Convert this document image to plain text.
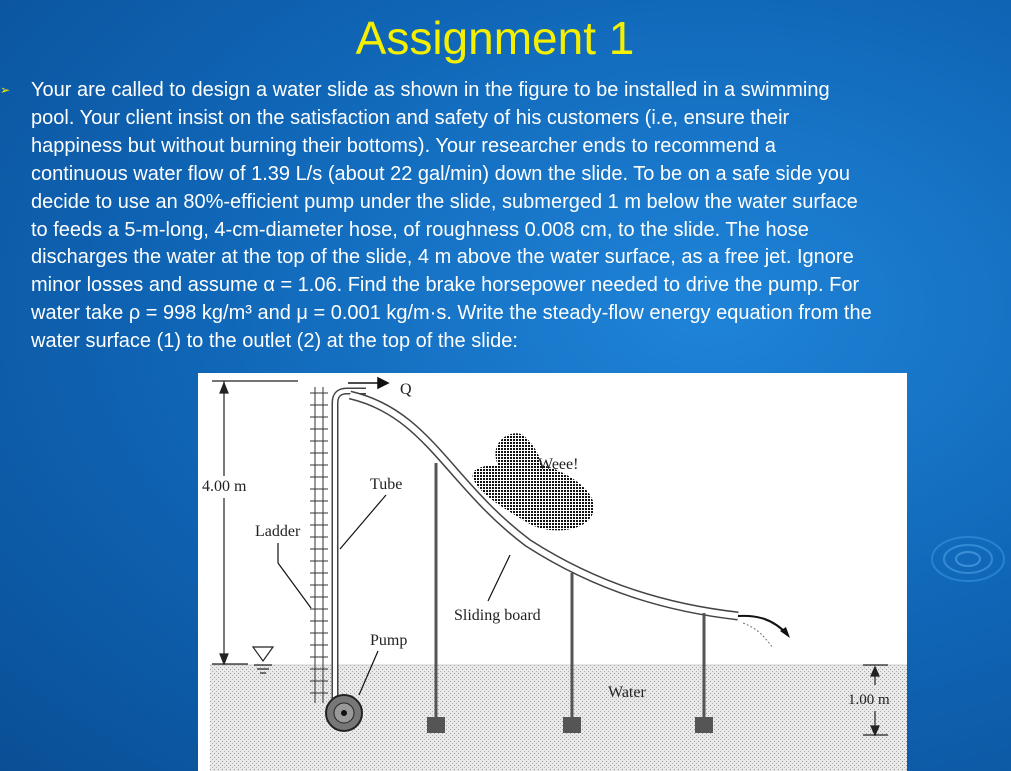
Assignment 1
➢ Your are called to design a water slide as shown in the figure to be installed in a swimming
pool. Your client insist on the satisfaction and safety of his customers (i.e, ensure their
happiness but without burning their bottoms). Your researcher ends to recommend a
continuous water flow of 1.39 L/s (about 22 gal/min) down the slide. To be on a safe side you
decide to use an 80%-efficient pump under the slide, submerged 1 m below the water surface
to feeds a 5-m-long, 4-cm-diameter hose, of roughness 0.008 cm, to the slide. The hose
discharges the water at the top of the slide, 4 m above the water surface, as a free jet. Ignore
minor losses and assume α = 1.06. Find the brake horsepower needed to drive the pump. For
water take ρ = 998 kg/m³ and μ = 0.001 kg/m·s. Write the steady-flow energy equation from the
water surface (1) to the outlet (2) at the top of the slide:
4.00 m
Q
Weee!
Tube
Ladder
Sliding board
Pump
Water	1.00 m
